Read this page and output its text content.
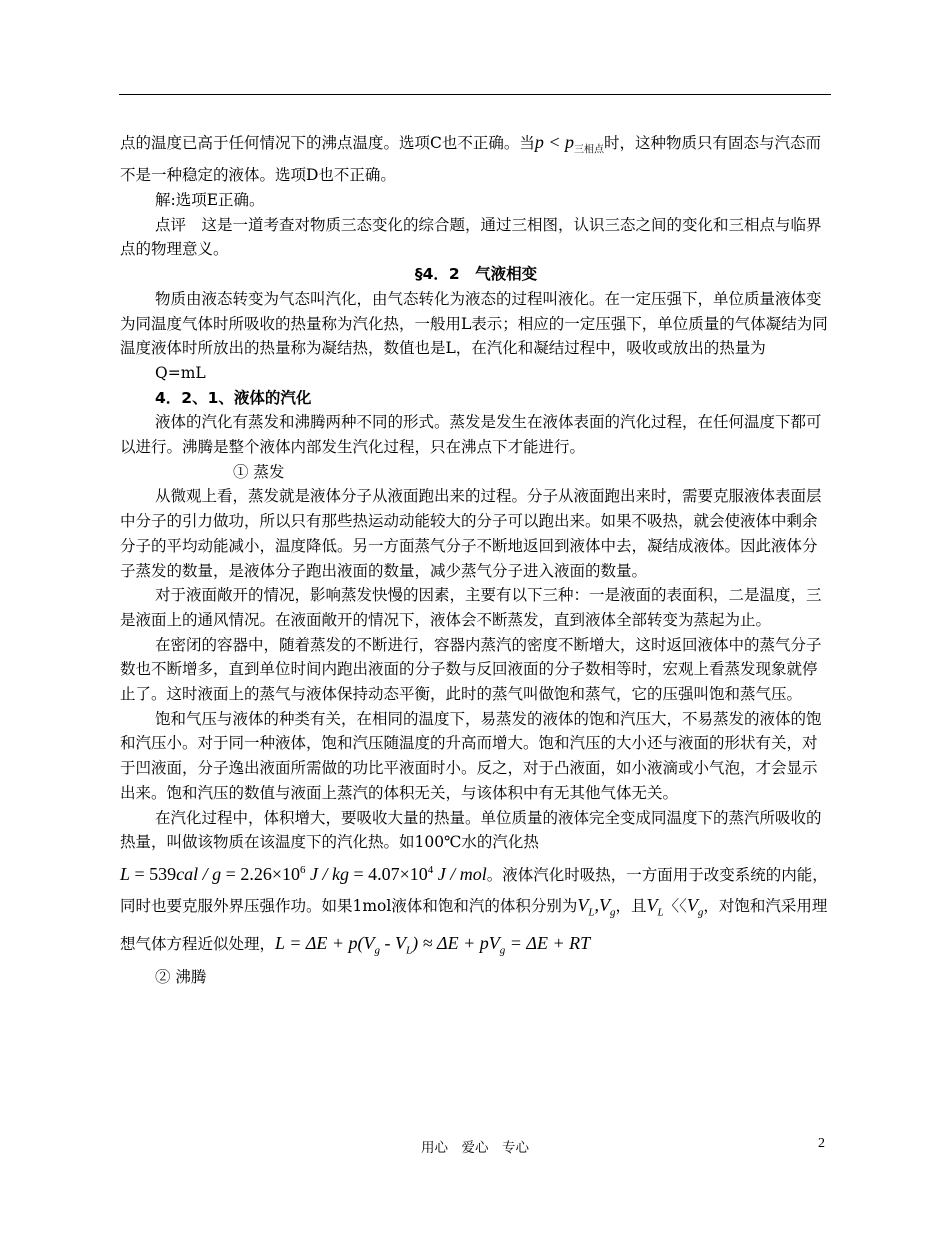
点的温度已高于任何情况下的沸点温度。选项C也不正确。当$p < p_{三相点}$时，这种物质只有固态与汽态而不是一种稳定的液体。选项D也不正确。

解:选项E正确。

点评　这是一道考查对物质三态变化的综合题，通过三相图，认识三态之间的变化和三相点与临界点的物理意义。

§4．2　气液相变

物质由液态转变为气态叫汽化，由气态转化为液态的过程叫液化。在一定压强下，单位质量液体变为同温度气体时所吸收的热量称为汽化热，一般用L表示；相应的一定压强下，单位质量的气体凝结为同温度液体时所放出的热量称为凝结热，数值也是L，在汽化和凝结过程中，吸收或放出的热量为

Q=mL

4．2、1、液体的汽化

液体的汽化有蒸发和沸腾两种不同的形式。蒸发是发生在液体表面的汽化过程，在任何温度下都可以进行。沸腾是整个液体内部发生汽化过程，只在沸点下才能进行。

① 蒸发

从微观上看，蒸发就是液体分子从液面跑出来的过程。分子从液面跑出来时，需要克服液体表面层中分子的引力做功，所以只有那些热运动动能较大的分子可以跑出来。如果不吸热，就会使液体中剩余分子的平均动能减小，温度降低。另一方面蒸气分子不断地返回到液体中去，凝结成液体。因此液体分子蒸发的数量，是液体分子跑出液面的数量，减少蒸气分子进入液面的数量。

对于液面敞开的情况，影响蒸发快慢的因素，主要有以下三种：一是液面的表面积，二是温度，三是液面上的通风情况。在液面敞开的情况下，液体会不断蒸发，直到液体全部转变为蒸起为止。

在密闭的容器中，随着蒸发的不断进行，容器内蒸汽的密度不断增大，这时返回液体中的蒸气分子数也不断增多，直到单位时间内跑出液面的分子数与反回液面的分子数相等时，宏观上看蒸发现象就停止了。这时液面上的蒸气与液体保持动态平衡，此时的蒸气叫做饱和蒸气，它的压强叫饱和蒸气压。

饱和气压与液体的种类有关，在相同的温度下，易蒸发的液体的饱和汽压大，不易蒸发的液体的饱和汽压小。对于同一种液体，饱和汽压随温度的升高而增大。饱和汽压的大小还与液面的形状有关，对于凹液面，分子逸出液面所需做的功比平液面时小。反之，对于凸液面，如小液滴或小气泡，才会显示出来。饱和汽压的数值与液面上蒸汽的体积无关，与该体积中有无其他气体无关。

在汽化过程中，体积增大，要吸收大量的热量。单位质量的液体完全变成同温度下的蒸汽所吸收的热量，叫做该物质在该温度下的汽化热。如100℃水的汽化热

$L = 539cal / g = 2.26\times 10^6$ J / kg = $4.07\times 10^4$ J / mol。液体汽化时吸热，一方面用于改变系统的内能，同时也要克服外界压强作功。如果1mol液体和饱和汽的体积分别为$V_L,V_g$，且$V_L$〈〈$V_g$，对饱和汽采用理想气体方程近似处理，$L = \Delta E + p(V_g - V_L) \approx \Delta E + pV_g = \Delta E$ + RT

② 沸腾

用心　爱心　专心	2
